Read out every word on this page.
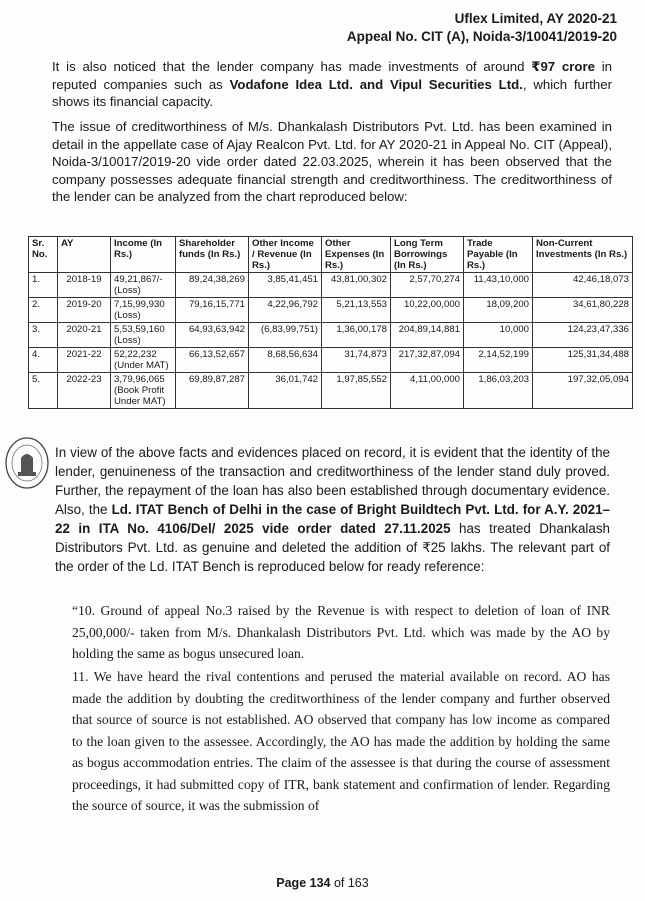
Uflex Limited, AY 2020-21
Appeal No. CIT (A), Noida-3/10041/2019-20
It is also noticed that the lender company has made investments of around ₹97 crore in reputed companies such as Vodafone Idea Ltd. and Vipul Securities Ltd., which further shows its financial capacity.
The issue of creditworthiness of M/s. Dhankalash Distributors Pvt. Ltd. has been examined in detail in the appellate case of Ajay Realcon Pvt. Ltd. for AY 2020-21 in Appeal No. CIT (Appeal), Noida-3/10017/2019-20 vide order dated 22.03.2025, wherein it has been observed that the company possesses adequate financial strength and creditworthiness. The creditworthiness of the lender can be analyzed from the chart reproduced below:
Sr. No.	AY	Income (In Rs.)	Shareholder funds (In Rs.)	Other Income / Revenue (In Rs.)	Other Expenses (In Rs.)	Long Term Borrowings (In Rs.)	Trade Payable (In Rs.)	Non-Current Investments (In Rs.)
1.	2018-19	49,21,867/- (Loss)	89,24,38,269	3,85,41,451	43,81,00,302	2,57,70,274	11,43,10,000	42,46,18,073
2.	2019-20	7,15,99,930 (Loss)	79,16,15,771	4,22,96,792	5,21,13,553	10,22,00,000	18,09,200	34,61,80,228
3.	2020-21	5,53,59,160 (Loss)	64,93,63,942	(6,83,99,751)	1,36,00,178	204,89,14,881	10,000	124,23,47,336
4.	2021-22	52,22,232 (Under MAT)	66,13,52,657	8,68,56,634	31,74,873	217,32,87,094	2,14,52,199	125,31,34,488
5.	2022-23	3,79,96,065 (Book Profit Under MAT)	69,89,87,287	36,01,742	1,97,85,552	4,11,00,000	1,86,03,203	197,32,05,094
In view of the above facts and evidences placed on record, it is evident that the identity of the lender, genuineness of the transaction and creditworthiness of the lender stand duly proved. Further, the repayment of the loan has also been established through documentary evidence. Also, the Ld. ITAT Bench of Delhi in the case of Bright Buildtech Pvt. Ltd. for A.Y. 2021–22 in ITA No. 4106/Del/ 2025 vide order dated 27.11.2025 has treated Dhankalash Distributors Pvt. Ltd. as genuine and deleted the addition of ₹25 lakhs. The relevant part of the order of the Ld. ITAT Bench is reproduced below for ready reference:
“10. Ground of appeal No.3 raised by the Revenue is with respect to deletion of loan of INR 25,00,000/- taken from M/s. Dhankalash Distributors Pvt. Ltd. which was made by the AO by holding the same as bogus unsecured loan.
11. We have heard the rival contentions and perused the material available on record. AO has made the addition by doubting the creditworthiness of the lender company and further observed that source of source is not established. AO observed that company has low income as compared to the loan given to the assessee. Accordingly, the AO has made the addition by holding the same as bogus accommodation entries. The claim of the assessee is that during the course of assessment proceedings, it had submitted copy of ITR, bank statement and confirmation of lender. Regarding the source of source, it was the submission of
Page 134 of 163
